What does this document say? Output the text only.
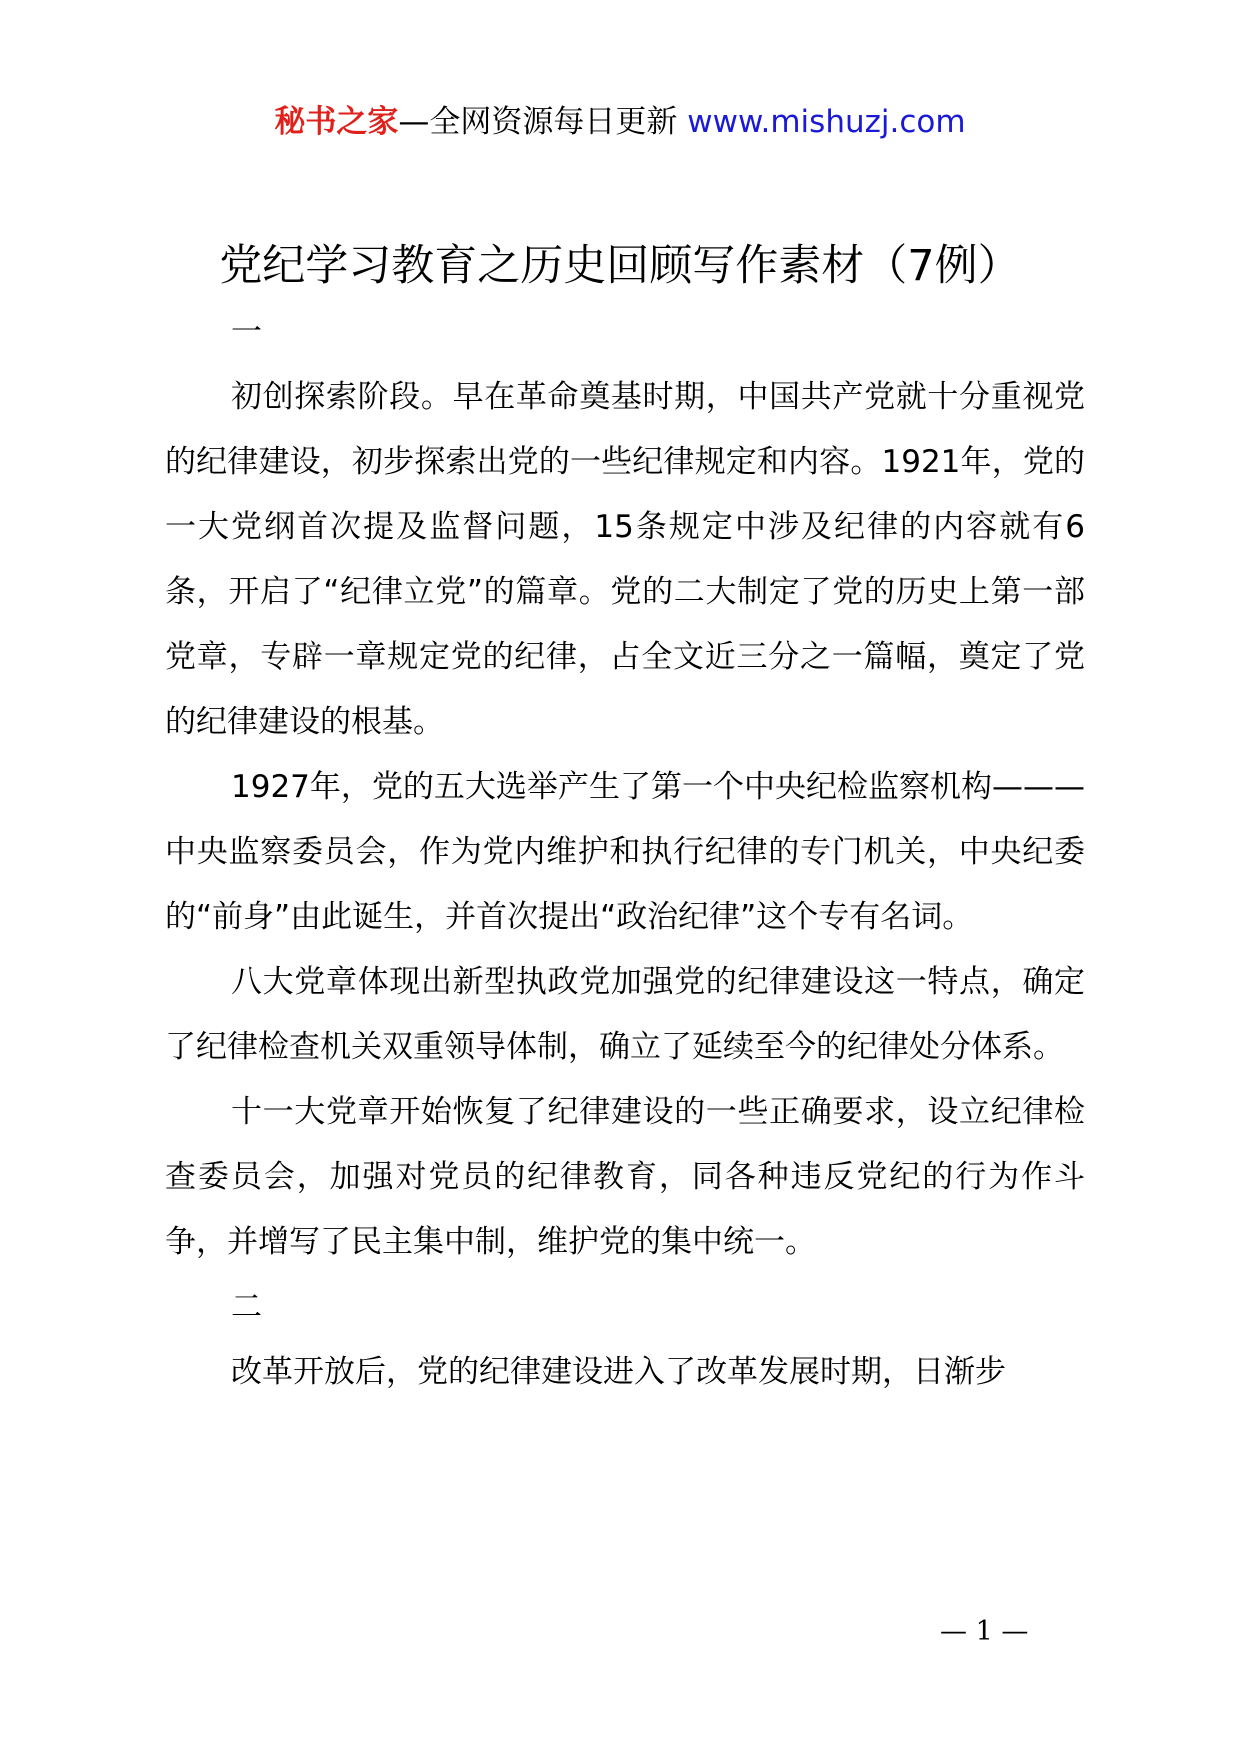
秘书之家—全网资源每日更新 www.mishuzj.com
党纪学习教育之历史回顾写作素材（7例）

一

初创探索阶段。早在革命奠基时期，中国共产党就十分重视党的纪律建设，初步探索出党的一些纪律规定和内容。1921年，党的一大党纲首次提及监督问题，15条规定中涉及纪律的内容就有6条，开启了“纪律立党”的篇章。党的二大制定了党的历史上第一部党章，专辟一章规定党的纪律，占全文近三分之一篇幅，奠定了党的纪律建设的根基。

1927年，党的五大选举产生了第一个中央纪检监察机构———中央监察委员会，作为党内维护和执行纪律的专门机关，中央纪委的“前身”由此诞生，并首次提出“政治纪律”这个专有名词。

八大党章体现出新型执政党加强党的纪律建设这一特点，确定了纪律检查机关双重领导体制，确立了延续至今的纪律处分体系。

十一大党章开始恢复了纪律建设的一些正确要求，设立纪律检查委员会，加强对党员的纪律教育，同各种违反党纪的行为作斗争，并增写了民主集中制，维护党的集中统一。

二

改革开放后，党的纪律建设进入了改革发展时期，日渐步

— 1 —
